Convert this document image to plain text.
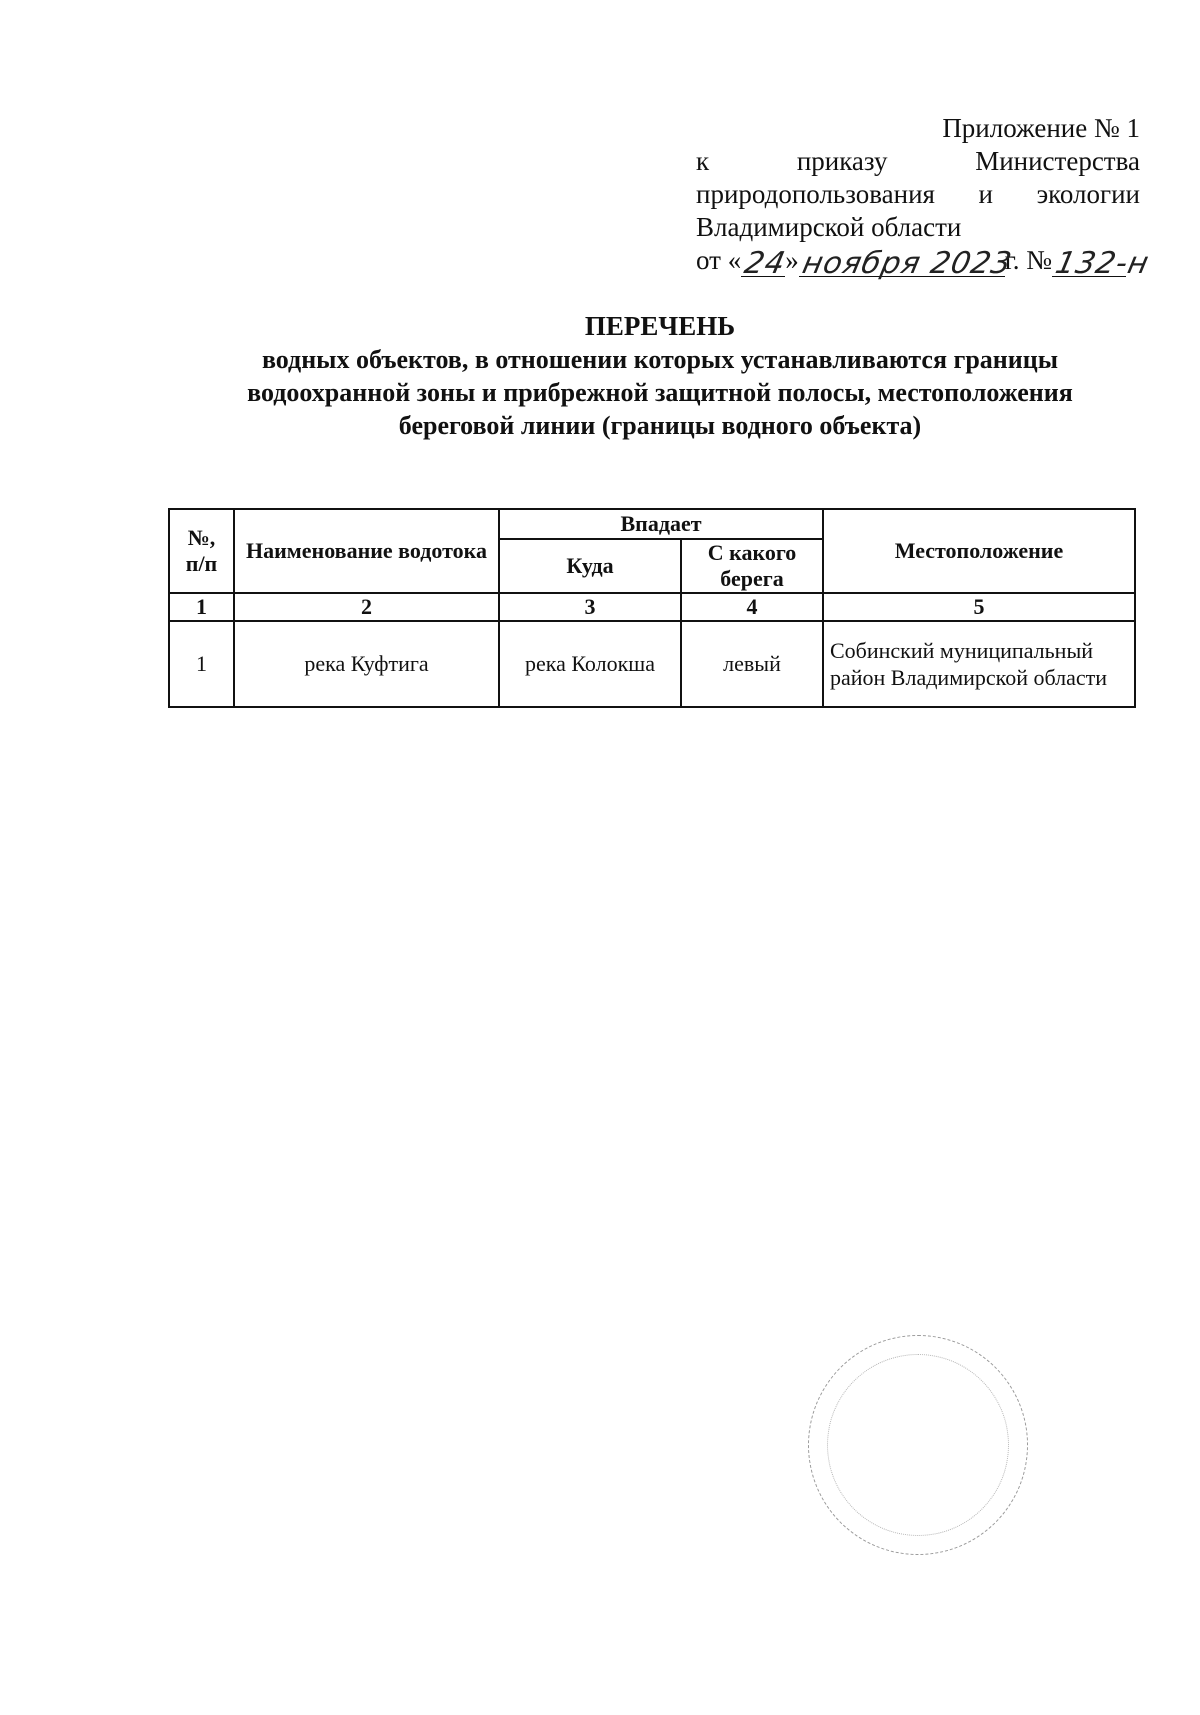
Приложение № 1
к	приказу	Министерства
природопользования и экологии
Владимирской области
от « 24
» ноября 2023
г. № 132-н
ПЕРЕЧЕНЬ
водных объектов, в отношении которых устанавливаются границы
водоохранной зоны и прибрежной защитной полосы, местоположения
береговой линии (границы водного объекта)
№, п/п	Наименование водотока	Впадает		Местоположение
		Куда	С какого берега	
1	2	3	4	5
1	река Куфтига	река Колокша	левый	Собинский муниципальный район Владимирской области
